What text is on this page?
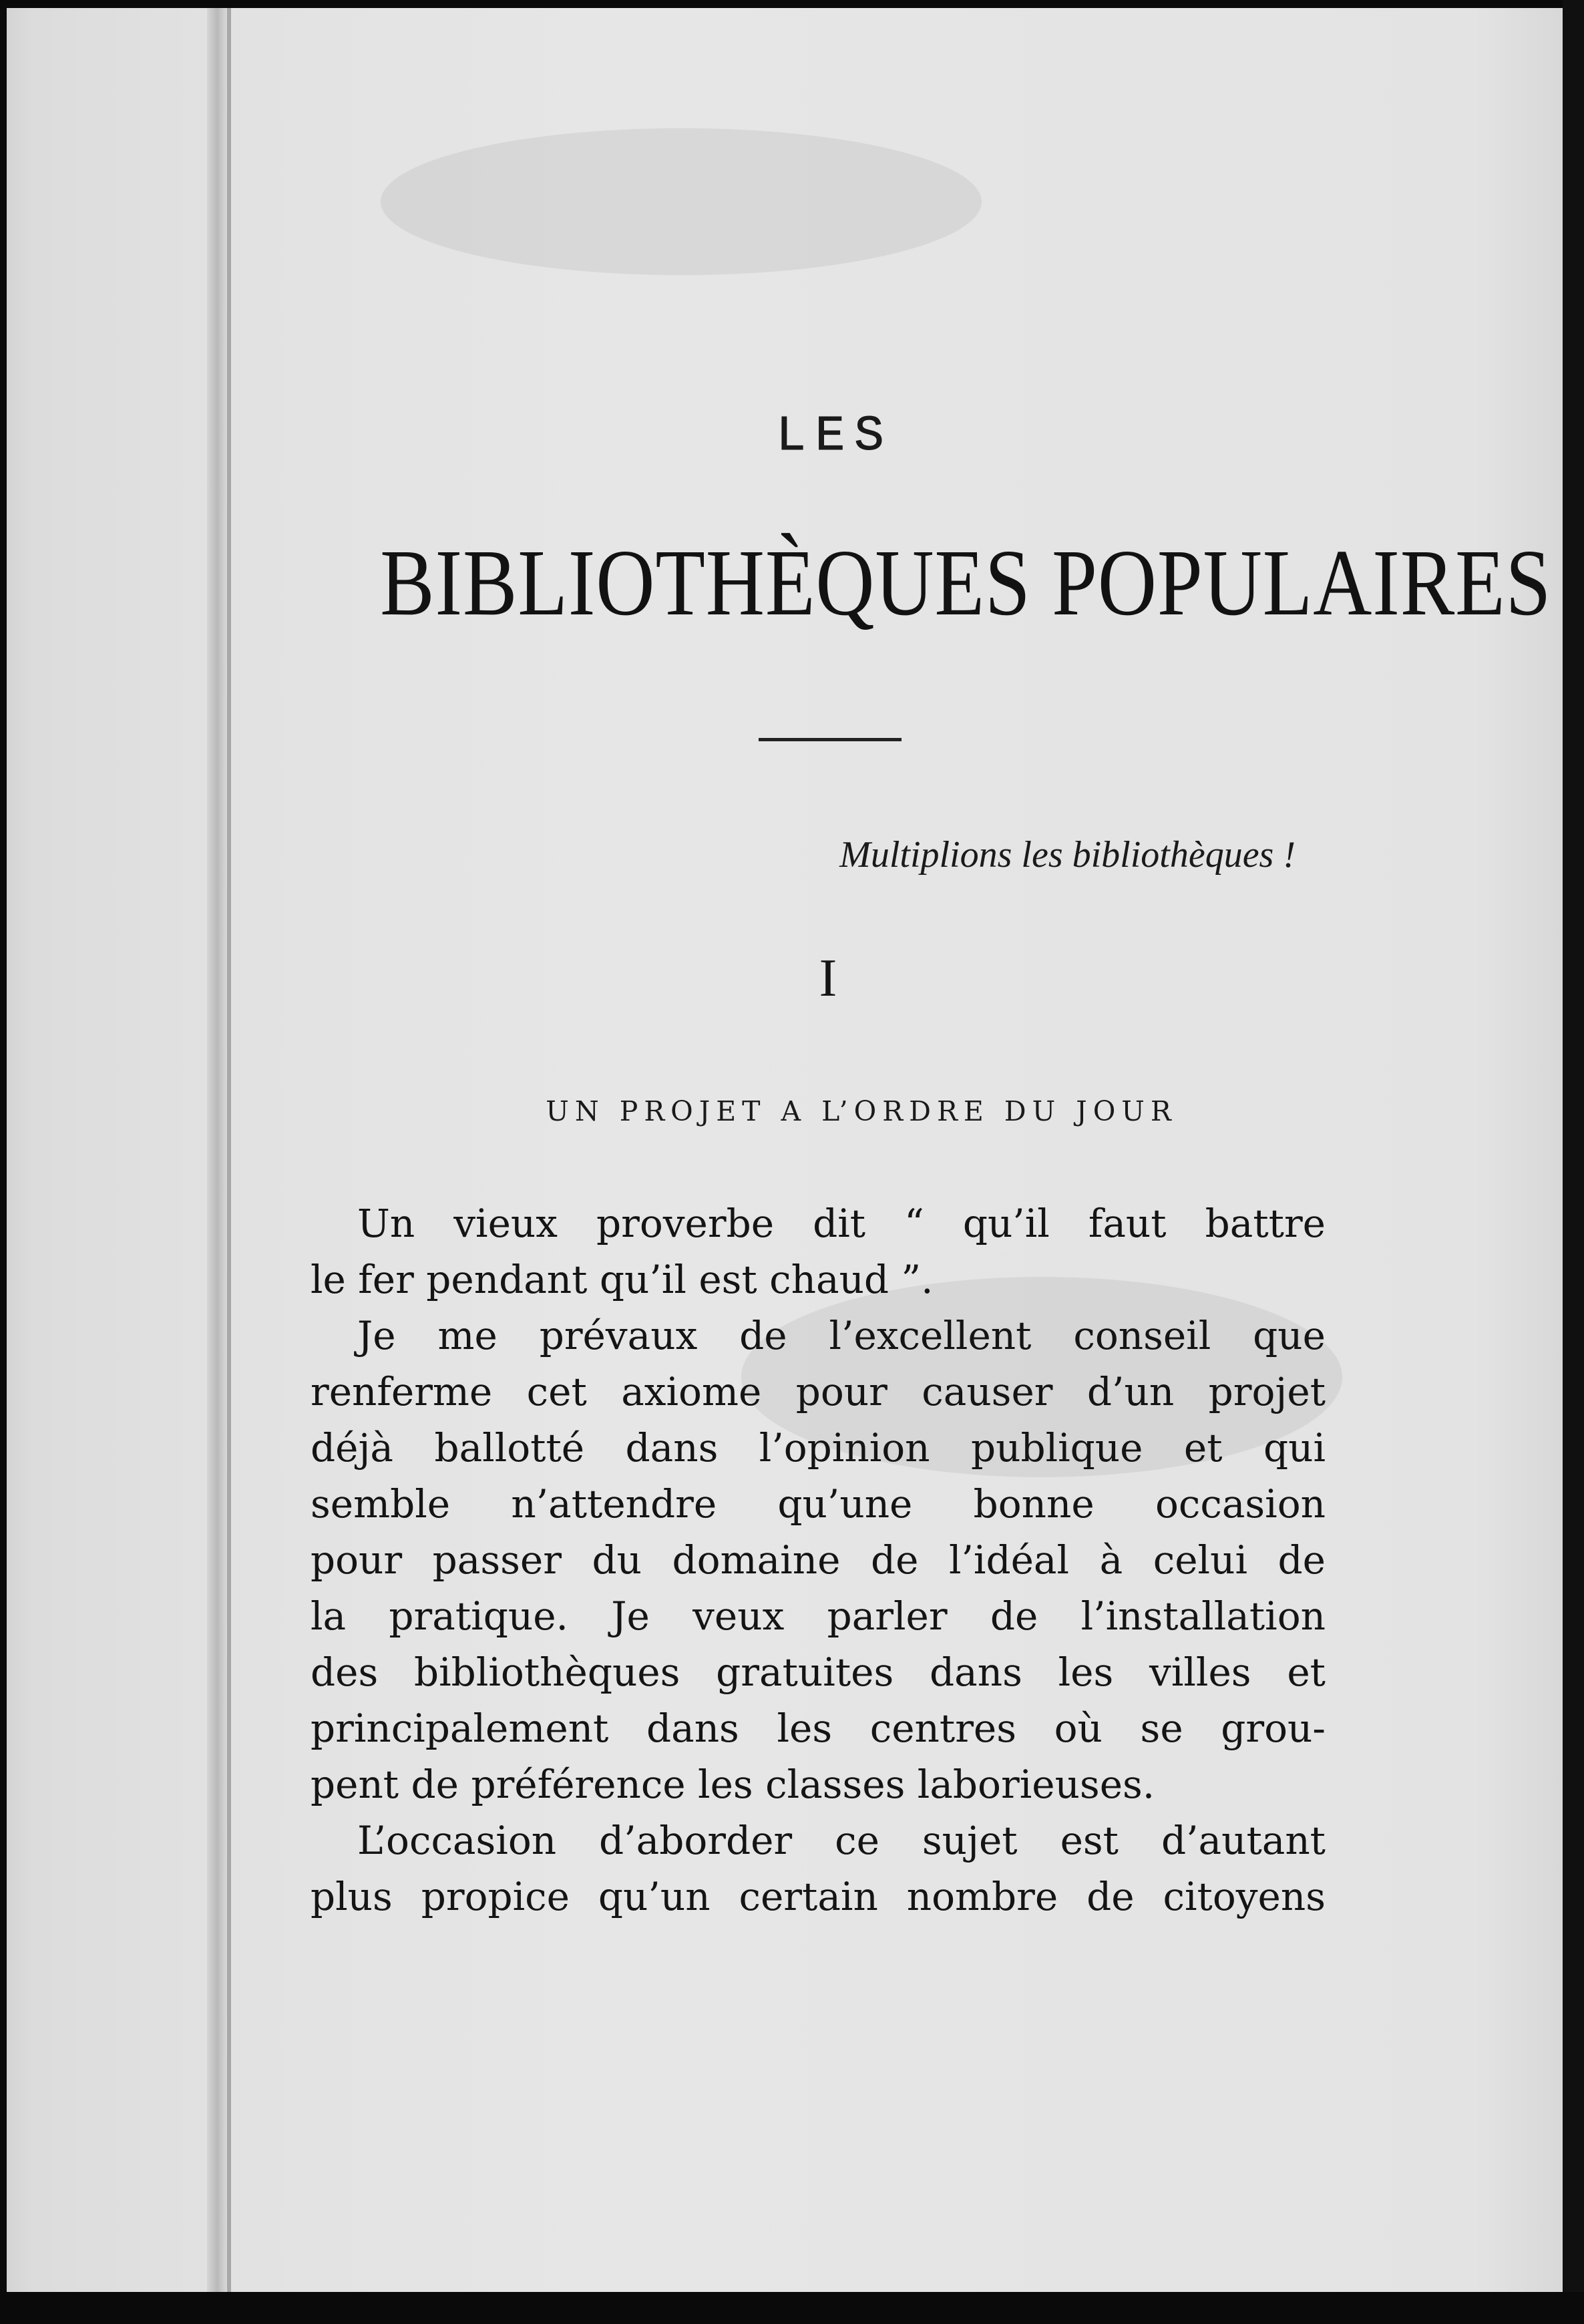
LES
BIBLIOTHÈQUES POPULAIRES
Multiplions les bibliothèques !
I
UN PROJET A L’ORDRE DU JOUR
Un vieux proverbe dit “ qu’il faut battre
le fer pendant qu’il est chaud ”.
Je me prévaux de l’excellent conseil que
renferme cet axiome pour causer d’un projet
déjà ballotté dans l’opinion publique et qui
semble n’attendre qu’une bonne occasion
pour passer du domaine de l’idéal à celui de
la pratique. Je veux parler de l’installation
des bibliothèques gratuites dans les villes et
principalement dans les centres où se grou-
pent de préférence les classes laborieuses.
L’occasion d’aborder ce sujet est d’autant
plus propice qu’un certain nombre de citoyens
